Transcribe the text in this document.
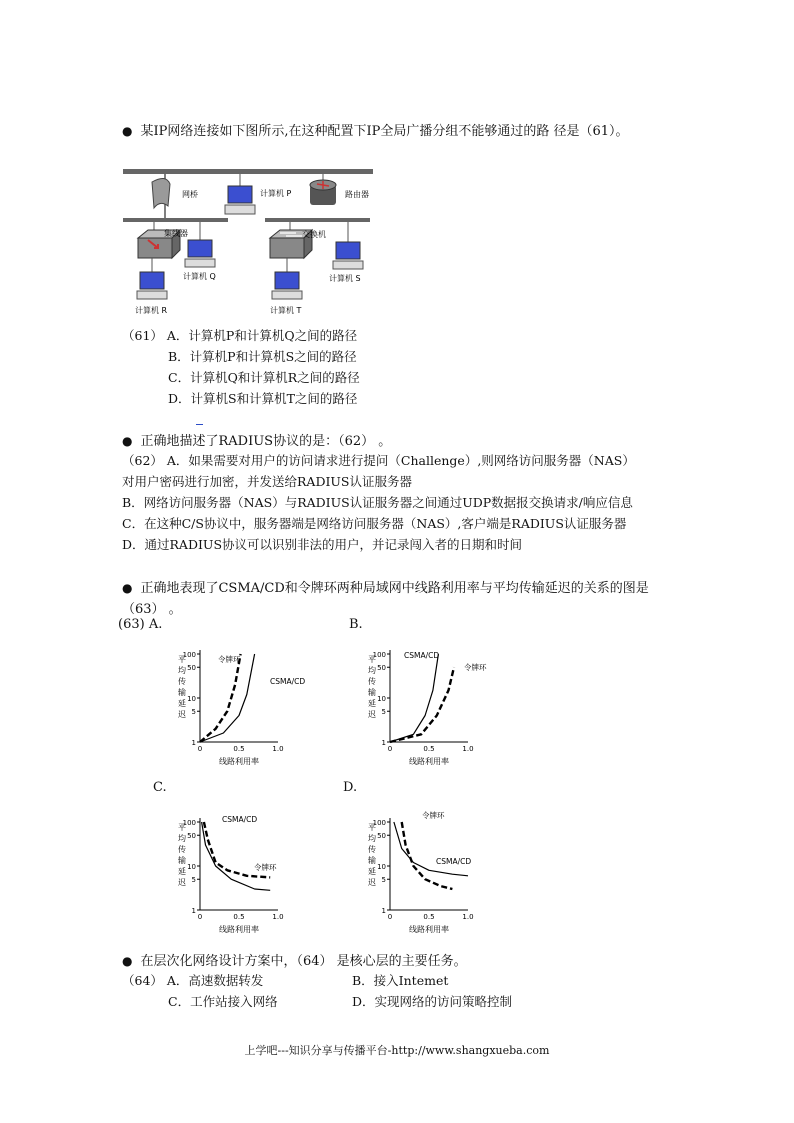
● 某IP网络连接如下图所示,在这种配置下IP全局广播分组不能够通过的路 径是（61）。
网桥	计算机 P	路由器
集线器
计算机 Q
计算机 R
交换机
计算机 S
计算机 T
（61） A．计算机P和计算机Q之间的路径
B．计算机P和计算机S之间的路径
C．计算机Q和计算机R之间的路径
D．计算机S和计算机T之间的路径
● 正确地描述了RADIUS协议的是：（62） 。
（62） A．如果需要对用户的访问请求进行提问（Challenge）,则网络访问服务器（NAS）
对用户密码进行加密，并发送给RADIUS认证服务器
B．网络访问服务器（NAS）与RADIUS认证服务器之间通过UDP数据报交换请求/响应信息
C．在这种C/S协议中，服务器端是网络访问服务器（NAS）,客户端是RADIUS认证服务器
D．通过RADIUS协议可以识别非法的用户，并记录闯入者的日期和时间
● 正确地表现了CSMA/CD和令牌环两种局域网中线路利用率与平均传输延迟的关系的图是
（63） 。
(63) A.	B.
C.	D.
100
50
10
5
1
0	0.5	1.0
平
均
传
输
延
迟
线路利用率
令牌环
CSMA/CD
100
50
10
5
1
0	0.5	1.0
平
均
传
输
延
迟
线路利用率
CSMA/CD
令牌环
100
50
10
5
1
0	0.5	1.0
平
均
传
输
延
迟
线路利用率
CSMA/CD
令牌环
100
50
10
5
1
0	0.5	1.0
平
均
传
输
延
迟
线路利用率
令牌环
CSMA/CD
● 在层次化网络设计方案中，（64） 是核心层的主要任务。
（64） A．高速数据转发	B．接入Intemet
C．工作站接入网络	D．实现网络的访问策略控制
上学吧---知识分享与传播平台-http://www.shangxueba.com
